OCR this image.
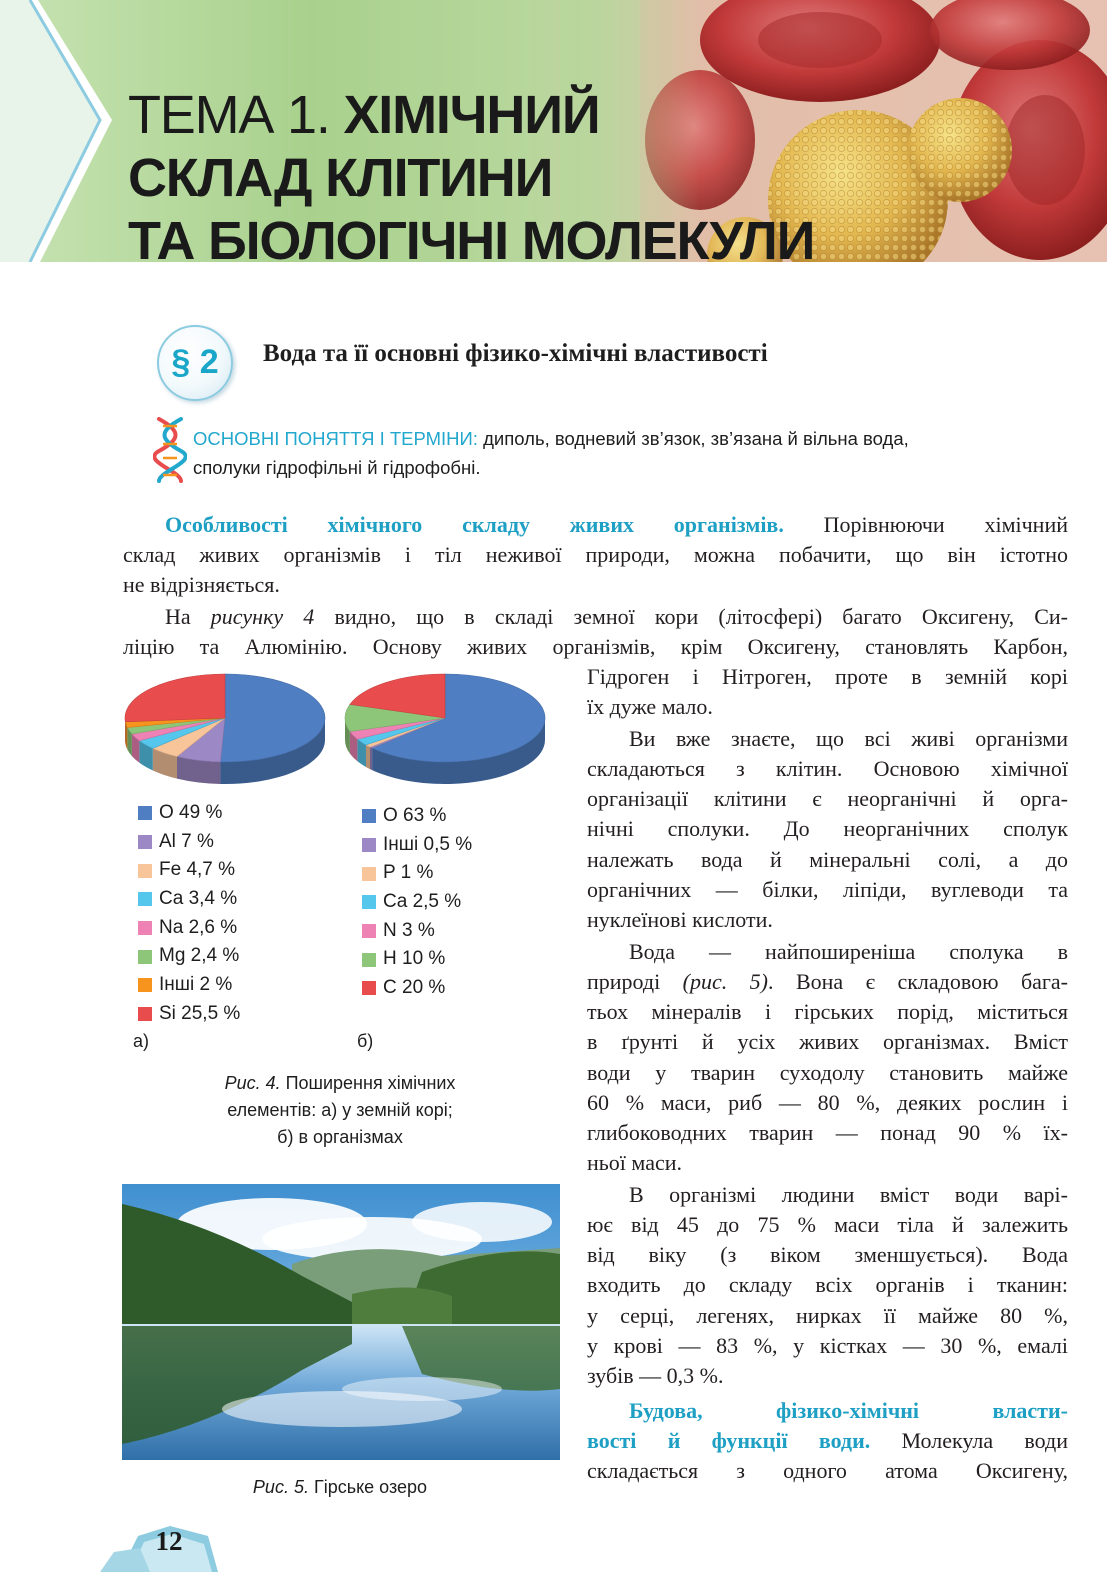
ТЕМА 1. ХІМІЧНИЙ
СКЛАД КЛІТИНИ
ТА БІОЛОГІЧНІ МОЛЕКУЛИ
§ 2	Вода та її основні фізико-хімічні властивості
ОСНОВНІ ПОНЯТТЯ І ТЕРМІНИ: диполь, водневий зв’язок, зв’язана й вільна вода,
сполуки гідрофільні й гідрофобні.
Особливості хімічного складу живих організмів. Порівнюючи хімічний
склад живих організмів і тіл неживої природи, можна побачити, що він істотно
не відрізняється.
На рисунку 4 видно, що в складі земної кори (літосфері) багато Оксигену, Си-
ліцію та Алюмінію. Основу живих організмів, крім Оксигену, становлять Карбон,
Гідроген і Нітроген, проте в земній корі
їх дуже мало.
Ви вже знаєте, що всі живі організми
складаються з клітин. Основою хімічної
організації клітини є неорганічні й орга-
нічні сполуки. До неорганічних сполук
належать вода й мінеральні солі, а до
органічних — білки, ліпіди, вуглеводи та
нуклеїнові кислоти.
Вода — найпоширеніша сполука в
природі (рис. 5). Вона є складовою бага-
тьох мінералів і гірських порід, міститься
в ґрунті й усіх живих організмах. Вміст
води у тварин суходолу становить майже
60 % маси, риб — 80 %, деяких рослин і
глибоководних тварин — понад 90 % їх-
ньої маси.
В організмі людини вміст води варі-
ює від 45 до 75 % маси тіла й залежить
від віку (з віком зменшується). Вода
входить до складу всіх органів і тканин:
у серці, легенях, нирках її майже 80 %,
у крові — 83 %, у кістках — 30 %, емалі
зубів — 0,3 %.
Будова, фізико-хімічні власти-
вості й функції води. Молекула води
складається з одного атома Оксигену,
O 49 %
Al 7 %
Fe 4,7 %
Ca 3,4 %
Na 2,6 %
Mg 2,4 %
Інші 2 %
Si 25,5 %
O 63 %
Інші 0,5 %
P 1 %
Ca 2,5 %
N 3 %
H 10 %
C 20 %
а)	б)
Рис. 4. Поширення хімічних
елементів: а) у земній корі;
б) в організмах
Рис. 5. Гірське озеро
12
